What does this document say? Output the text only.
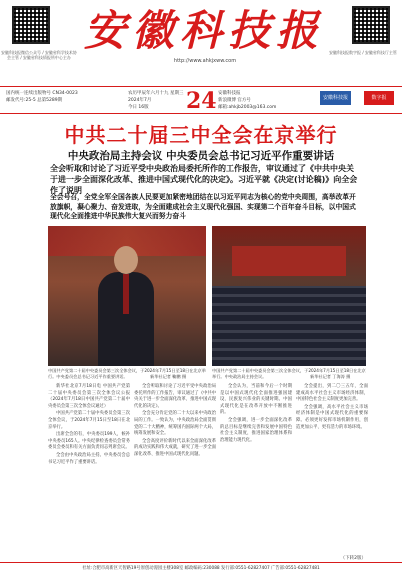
安徽科技报微信公众号 / 安徽省科学技术协会主管 / 安徽省科技情报所中心主办
安徽科技报
http://www.ahkjxww.com
安徽科技报数字报 / 安徽省科技厅主管
国内统一连续出版物号 CN34-0023
邮发代号:25-5 总第5289期
农历甲辰年六月十九
2024年7月
今日 16版
星期三 24 安徽科技报
新浪微博 官方号
邮箱:ahkjb2003@163.com
安徽科技报	数字报
中共二十届三中全会在京举行
中央政治局主持会议 中央委员会总书记习近平作重要讲话
全会听取和讨论了习近平受中央政治局委托所作的工作报告，审议通过了《中共中央关于进一步全面深化改革、推进中国式现代化的决定》。习近平就《决定(讨论稿)》向全会作了说明
全会号召，全党全军全国各族人民要更加紧密地团结在以习近平同志为核心的党中央周围，高举改革开放旗帜，凝心聚力、奋发进取，为全面建成社会主义现代化强国、实现第二个百年奋斗目标，以中国式现代化全面推进中华民族伟大复兴而努力奋斗
中国共产党第二十届中央委员会第三次全体会议，于2024年7月15日至18日在北京举行。中央委员会总书记习近平作重要讲话。	新华社记者 鞠鹏 摄
中国共产党第二十届中央委员会第三次全体会议，于2024年7月15日至18日在北京举行。中央政治局主持会议。	新华社记者 丁海涛 摄

新华社北京7月18日电 中国共产党第二十届中央委员会第三次全体会议公报（2024年7月18日中国共产党第二十届中央委员会第三次全体会议通过）

中国共产党第二十届中央委员会第三次全体会议，于2024年7月15日至18日在北京举行。

出席全会的有，中央委员199人，候补中央委员165人。中央纪律检查委员会常务委员会委员和有关方面负责同志列席会议。

全会由中央政治局主持。中央委员会总书记习近平作了重要讲话。

全会听取和讨论了习近平受中央政治局委托所作的工作报告，审议通过了《中共中央关于进一步全面深化改革、推进中国式现代化的决定》。

全会充分肯定党的二十大以来中央政治局的工作。一致认为，中央政治局全面贯彻党的二十大精神，统筹国内国际两个大局，统筹发展和安全。

全会高度评价新时代以来全面深化改革的成功实践和伟大成就，研究了进一步全面深化改革、推进中国式现代化问题。

全会认为，当前和今后一个时期是以中国式现代化全面推进强国建设、民族复兴伟业的关键时期。中国式现代化是在改革开放中不断推进的。

全会强调，进一步全面深化改革的总目标是继续完善和发展中国特色社会主义制度，推进国家治理体系和治理能力现代化。

全会提出，到二〇三五年，全面建成高水平社会主义市场经济体制，中国特色社会主义制度更加完善。

全会强调，高水平社会主义市场经济体制是中国式现代化的重要保障。必须更好发挥市场机制作用，创造更加公平、更有活力的市场环境。

（下转2版）
社址:合肥市高新区天智路19号原创动漫园主楼308室 邮政编码:230088 发行部:0551-62827407 广告部:0551-62827481
